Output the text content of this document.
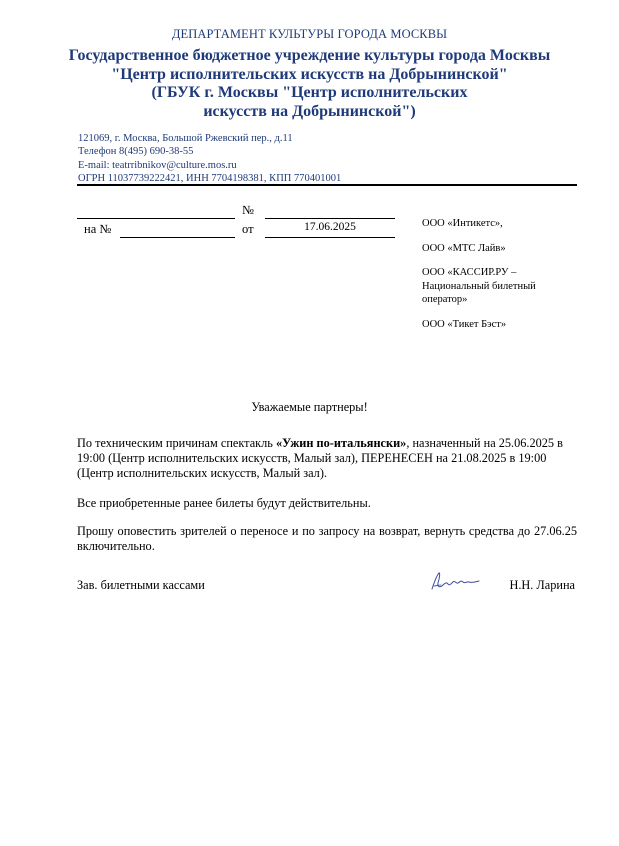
ДЕПАРТАМЕНТ КУЛЬТУРЫ ГОРОДА МОСКВЫ
Государственное бюджетное учреждение культуры города Москвы
"Центр исполнительских искусств на Добрынинской"
(ГБУК г. Москвы "Центр исполнительских
искусств на Добрынинской")
121069, г. Москва, Большой Ржевский пер., д.11
Телефон 8(495) 690-38-55
E-mail: teatrribnikov@culture.mos.ru
ОГРН 11037739222421, ИНН 7704198381, КПП 770401001
№
на №	от	17.06.2025	ООО «Интикетс»,
ООО «МТС Лайв»
ООО «КАССИР.РУ – Национальный билетный оператор»
ООО «Тикет Бэст»
Уважаемые партнеры!
По техническим причинам спектакль «Ужин по-итальянски», назначенный на 25.06.2025 в 19:00 (Центр исполнительских искусств, Малый зал), ПЕРЕНЕСЕН на 21.08.2025 в 19:00 (Центр исполнительских искусств, Малый зал).
Все приобретенные ранее билеты будут действительны.
Прошу оповестить зрителей о переносе и по запросу на возврат, вернуть средства до 27.06.25 включительно.
Зав. билетными кассами	Н.Н. Ларина
